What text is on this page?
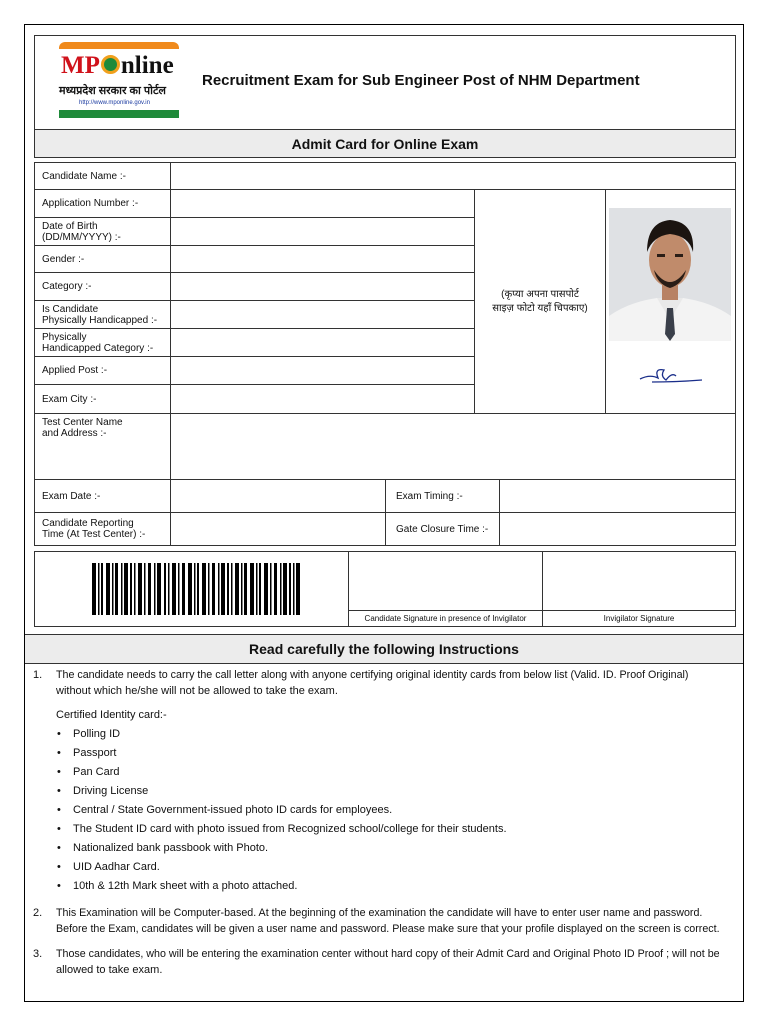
MP nline
मध्यप्रदेश सरकार का पोर्टल
http://www.mponline.gov.in
Recruitment Exam for Sub Engineer Post of NHM Department
Admit Card for Online Exam
Candidate Name :-
Application Number :-
Date of Birth
(DD/MM/YYYY) :-
Gender :-
Category :-
Is Candidate
Physically Handicapped :-
Physically
Handicapped Category :-
Applied Post :-
Exam City :-
(कृप्या अपना पासपोर्ट
साइज़ फोटो यहाँ चिपकाए)
Test Center Name
and Address :-
Exam Date :-	Exam Timing :-
Candidate Reporting
Time (At Test Center) :-	Gate Closure Time :-
Candidate Signature in presence of Invigilator	Invigilator Signature
Read carefully the following Instructions
1. The candidate needs to carry the call letter along with anyone certifying original identity cards from below list (Valid. ID. Proof Original)
without which he/she will not be allowed to take the exam.
Certified Identity card:-
• Polling ID
• Passport
• Pan Card
• Driving License
• Central / State Government-issued photo ID cards for employees.
• The Student ID card with photo issued from Recognized school/college for their students.
• Nationalized bank passbook with Photo.
• UID Aadhar Card.
• 10th & 12th Mark sheet with a photo attached.
2. This Examination will be Computer-based. At the beginning of the examination the candidate will have to enter user name and password.
Before the Exam, candidates will be given a user name and password. Please make sure that your profile displayed on the screen is correct.
3. Those candidates, who will be entering the examination center without hard copy of their Admit Card and Original Photo ID Proof ; will not be
allowed to take exam.
